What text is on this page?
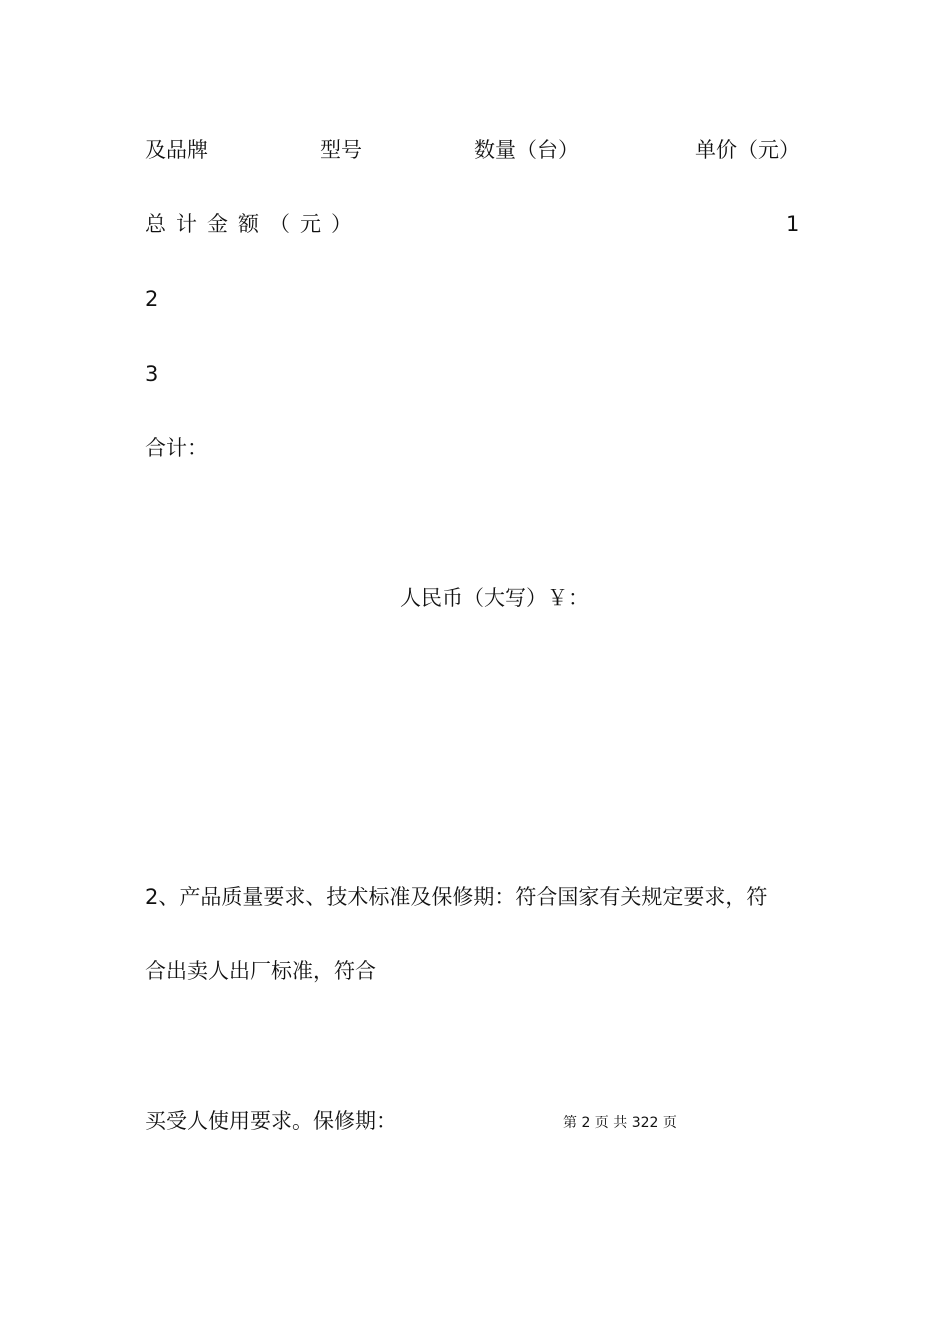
及品牌	型号	数量（台）	单价（元）
总计金额（元）	1
2
3
合计：
人民币（大写）￥：
2、产品质量要求、技术标准及保修期：符合国家有关规定要求，符
合出卖人出厂标准，符合
买受人使用要求。保修期：	第 2 页 共 322 页
